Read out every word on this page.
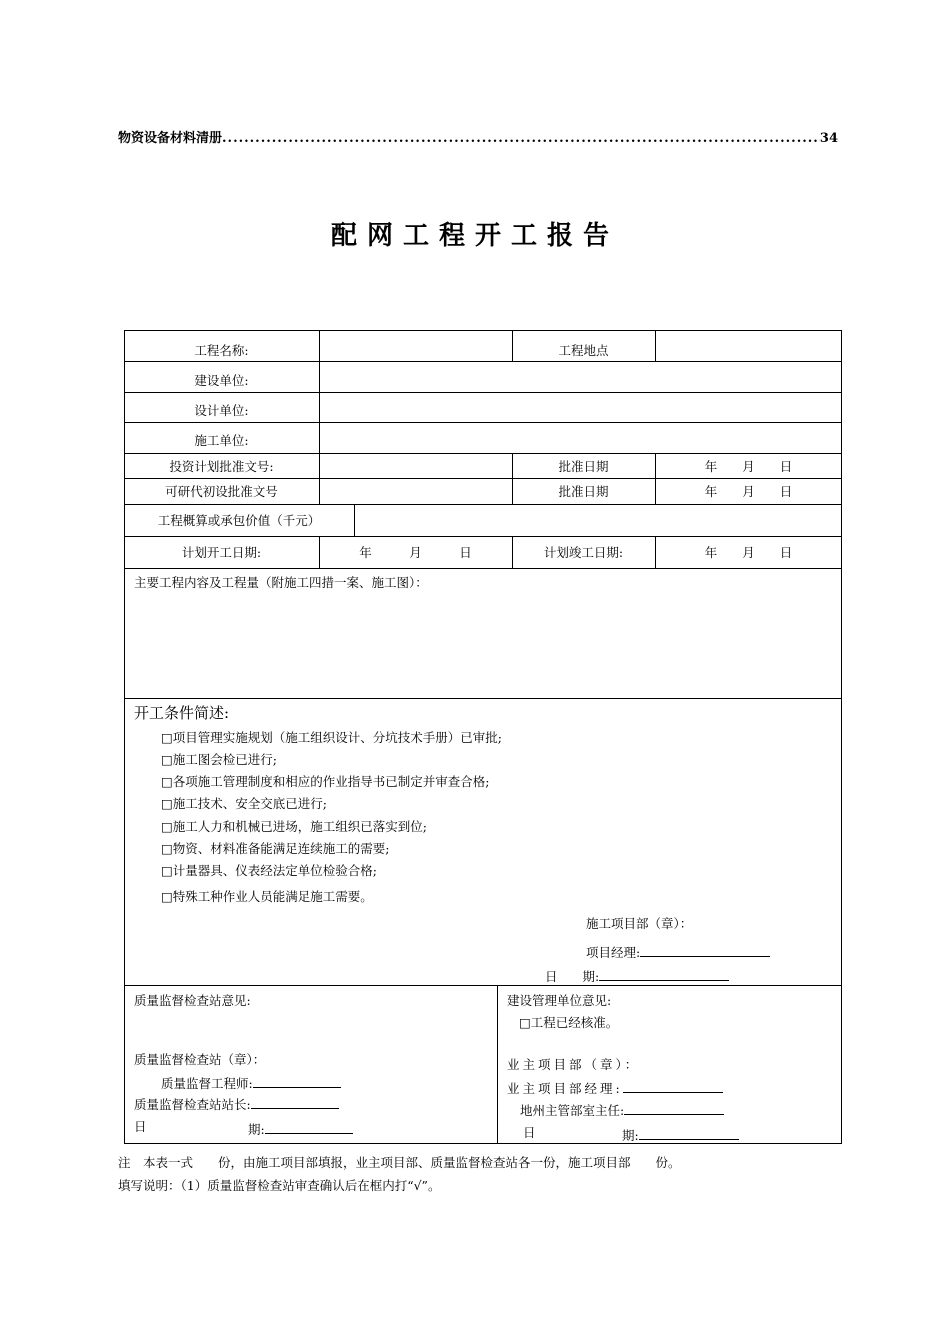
物资设备材料清册
.....	34
配网工程开工报告
工程名称:	工程地点
建设单位:
设计单位:
施工单位:
投资计划批准文号:	批准日期	年　　月　　日
可研代初设批准文号	批准日期	年　　月　　日
工程概算或承包价值（千元）
计划开工日期:	年　　　月　　　日	计划竣工日期:	年　　月　　日
主要工程内容及工程量（附施工四措一案、施工图）：
开工条件简述:
□项目管理实施规划（施工组织设计、分坑技术手册）已审批;
□施工图会检已进行;
□各项施工管理制度和相应的作业指导书已制定并审查合格;
□施工技术、安全交底已进行;
□施工人力和机械已进场，施工组织已落实到位;
□物资、材料准备能满足连续施工的需要;
□计量器具、仪表经法定单位检验合格;
□特殊工种作业人员能满足施工需要。
施工项目部（章）：
项目经理:
日　　期:
质量监督检查站意见:
质量监督检查站（章）：
质量监督工程师:
质量监督检查站站长:
日	期:
建设管理单位意见:
□工程已经核准。
业主项目部（章）：
业主项目部经理:
地州主管部室主任:
日	期:
注　本表一式　　份，由施工项目部填报，业主项目部、质量监督检查站各一份，施工项目部　　份。
填写说明：（1）质量监督检查站审查确认后在框内打“√”。
